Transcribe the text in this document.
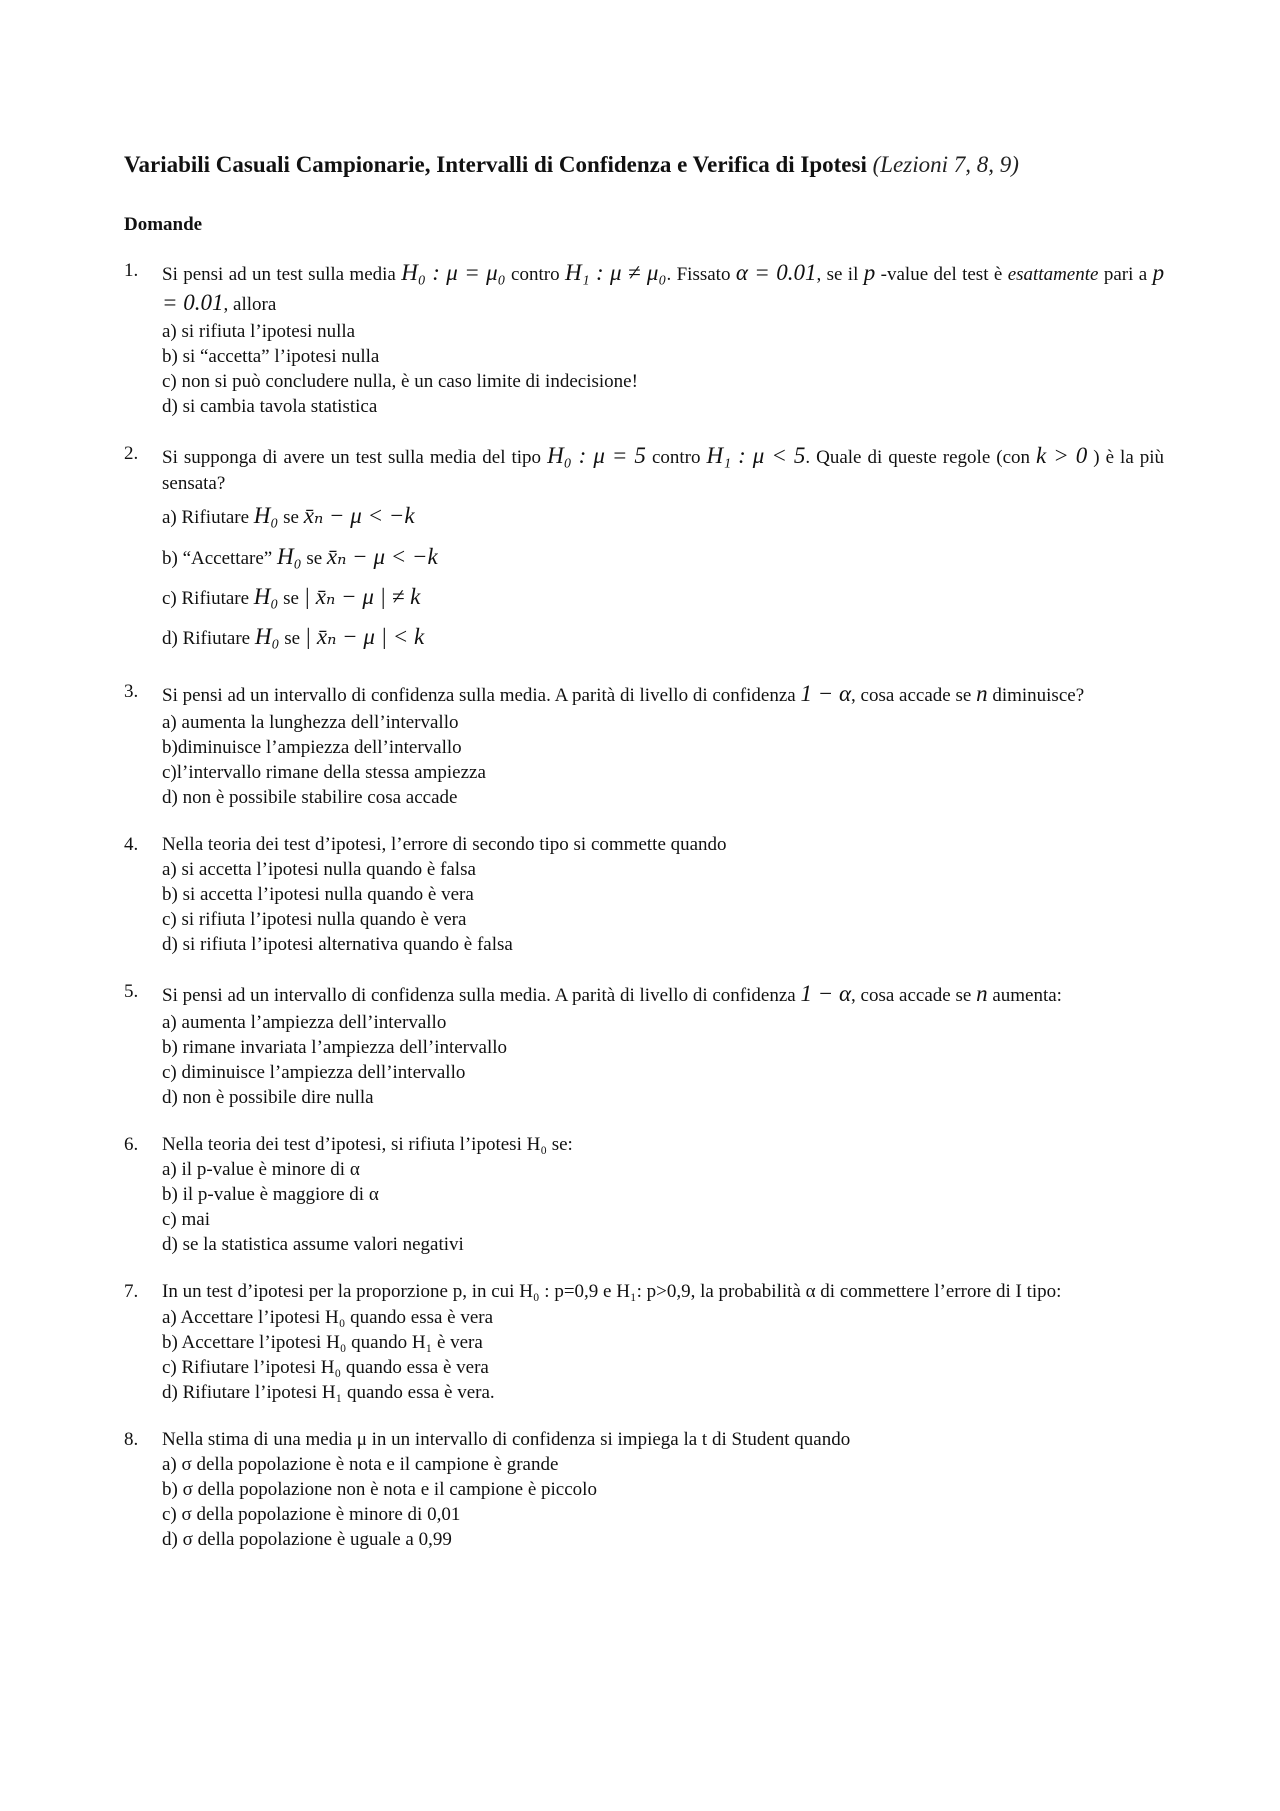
Variabili Casuali Campionarie, Intervalli di Confidenza e Verifica di Ipotesi (Lezioni 7, 8, 9)
Domande
1. Si pensi ad un test sulla media H₀ : μ = μ₀ contro H₁ : μ ≠ μ₀. Fissato α = 0.01, se il p -value del test è esattamente pari a p = 0.01, allora
a) si rifiuta l’ipotesi nulla
b) si “accetta” l’ipotesi nulla
c) non si può concludere nulla, è un caso limite di indecisione!
d) si cambia tavola statistica
2. Si supponga di avere un test sulla media del tipo H₀ : μ = 5 contro H₁ : μ < 5. Quale di queste regole (con k > 0 ) è la più sensata?
a) Rifiutare H₀ se x̄ₙ − μ < −k
b) “Accettare” H₀ se x̄ₙ − μ < −k
c) Rifiutare H₀ se | x̄ₙ − μ | ≠ k
d) Rifiutare H₀ se | x̄ₙ − μ | < k
3. Si pensi ad un intervallo di confidenza sulla media. A parità di livello di confidenza 1 − α, cosa accade se n diminuisce?
a) aumenta la lunghezza dell’intervallo
b)diminuisce l’ampiezza dell’intervallo
c)l’intervallo rimane della stessa ampiezza
d) non è possibile stabilire cosa accade
4. Nella teoria dei test d’ipotesi, l’errore di secondo tipo si commette quando
a) si accetta l’ipotesi nulla quando è falsa
b) si accetta l’ipotesi nulla quando è vera
c) si rifiuta l’ipotesi nulla quando è vera
d) si rifiuta l’ipotesi alternativa quando è falsa
5. Si pensi ad un intervallo di confidenza sulla media. A parità di livello di confidenza 1 − α, cosa accade se n aumenta:
a) aumenta l’ampiezza dell’intervallo
b) rimane invariata l’ampiezza dell’intervallo
c) diminuisce l’ampiezza dell’intervallo
d) non è possibile dire nulla
6. Nella teoria dei test d’ipotesi, si rifiuta l’ipotesi H₀ se:
a) il p-value è minore di α
b) il p-value è maggiore di α
c) mai
d) se la statistica assume valori negativi
7. In un test d’ipotesi per la proporzione p, in cui H₀ : p=0,9 e H₁: p>0,9, la probabilità α di commettere l’errore di I tipo:
a) Accettare l’ipotesi H₀ quando essa è vera
b) Accettare l’ipotesi H₀ quando H₁ è vera
c) Rifiutare l’ipotesi H₀ quando essa è vera
d) Rifiutare l’ipotesi H₁ quando essa è vera.
8. Nella stima di una media μ in un intervallo di confidenza si impiega la t di Student quando
a) σ della popolazione è nota e il campione è grande
b) σ della popolazione non è nota e il campione è piccolo
c) σ della popolazione è minore di 0,01
d) σ della popolazione è uguale a 0,99
